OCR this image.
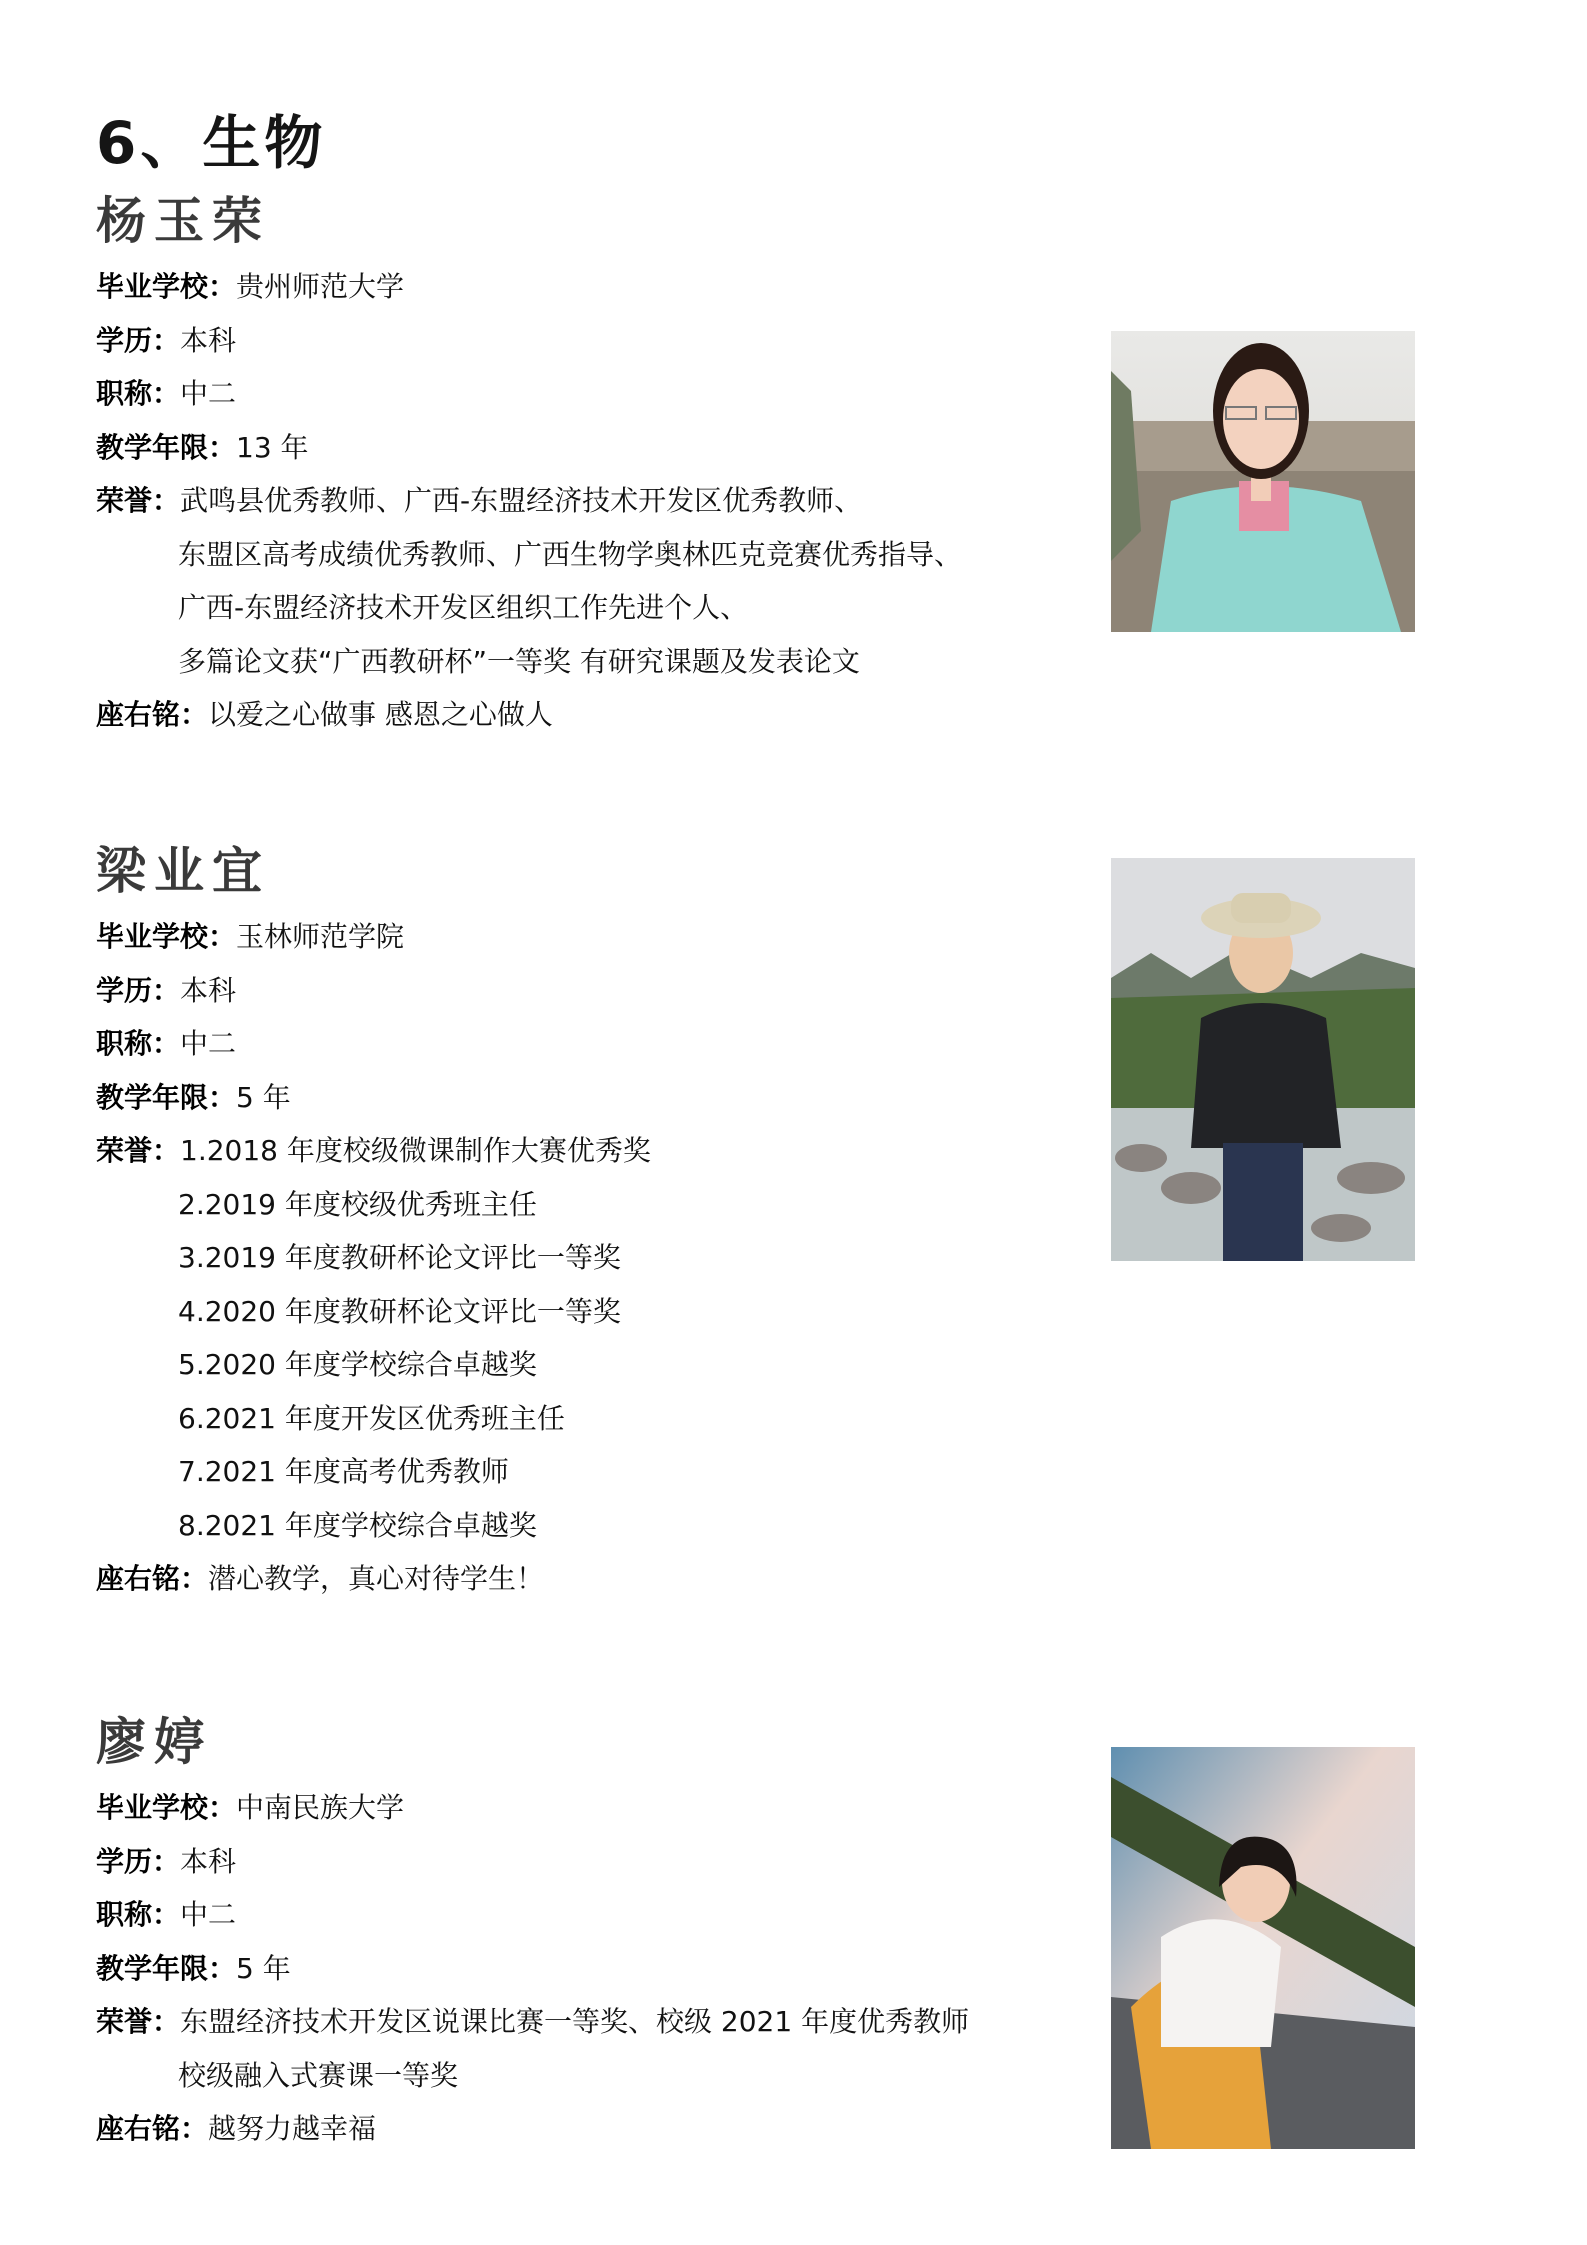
6、生物
杨玉荣
毕业学校：贵州师范大学
学历：本科
职称：中二
教学年限：13 年
荣誉：武鸣县优秀教师、广西-东盟经济技术开发区优秀教师、
东盟区高考成绩优秀教师、广西生物学奥林匹克竞赛优秀指导、
广西-东盟经济技术开发区组织工作先进个人、
多篇论文获“广西教研杯”一等奖 有研究课题及发表论文
座右铭：以爱之心做事 感恩之心做人
梁业宜
毕业学校：玉林师范学院
学历：本科
职称：中二
教学年限：5 年
荣誉：1.2018 年度校级微课制作大赛优秀奖
2.2019 年度校级优秀班主任
3.2019 年度教研杯论文评比一等奖
4.2020 年度教研杯论文评比一等奖
5.2020 年度学校综合卓越奖
6.2021 年度开发区优秀班主任
7.2021 年度高考优秀教师
8.2021 年度学校综合卓越奖
座右铭：潜心教学，真心对待学生！
廖婷
毕业学校：中南民族大学
学历：本科
职称：中二
教学年限：5 年
荣誉：东盟经济技术开发区说课比赛一等奖、校级 2021 年度优秀教师
校级融入式赛课一等奖
座右铭：越努力越幸福
